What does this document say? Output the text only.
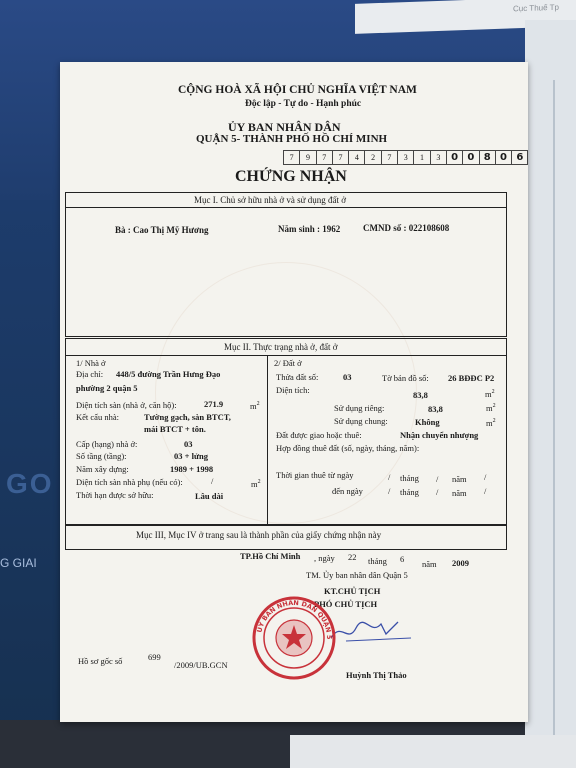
Cục Thuế Tp
GO
G GIAI
CỘNG HOÀ XÃ HỘI CHỦ NGHĨA VIỆT NAM
Độc lập - Tự do - Hạnh phúc
ỦY BAN NHÂN DÂN
QUẬN 5- THÀNH PHỐ HỒ CHÍ MINH
7	9	7	7	4	2	7	3	1	3	0 0 8 0 6
CHỨNG NHẬN
Mục I. Chủ sở hữu nhà ở và sử dụng đất ở
Bà : Cao Thị Mỹ Hương	Năm sinh : 1962	CMND số : 022108608
Mục II. Thực trạng nhà ở, đất ở
1/ Nhà ở
Địa chỉ: 448/5 đường Trần Hưng Đạo
phường 2 quận 5
Diện tích sàn (nhà ở, căn hộ):	271.9	$m^2$
Kết cấu nhà:	Tường gạch, sàn BTCT,
mái BTCT + tôn.
Cấp (hạng) nhà ở:	03
Số tầng (tầng):	03 + lửng
Năm xây dựng:	1989 + 1998
Diện tích sàn nhà phụ (nếu có):	/	$m^2$
Thời hạn được sở hữu:	Lâu dài
2/ Đất ở
Thửa đất số:	03	Tờ bản đồ số: 26 BĐĐC P2
Diện tích:	83,8	$m^2$
Sử dụng riêng:	83,8	$m^2$
Sử dụng chung:	Không	$m^2$
Đất được giao hoặc thuê:	Nhận chuyển nhượng
Hợp đồng thuê đất (số, ngày, tháng, năm):
Thời gian thuê từ ngày	/ tháng / năm /
đến ngày	/ tháng / năm /
Mục III, Mục IV ở trang sau là thành phần của giấy chứng nhận này
TP.Hồ Chí Minh , ngày 22 tháng 6 năm 2009
TM. Ủy ban nhân dân Quận 5
KT.CHỦ TỊCH
PHÓ CHỦ TỊCH
ỦY BAN NHÂN DÂN QUẬN 5
Huỳnh Thị Thảo
Hồ sơ gốc số	699
/2009/UB.GCN
